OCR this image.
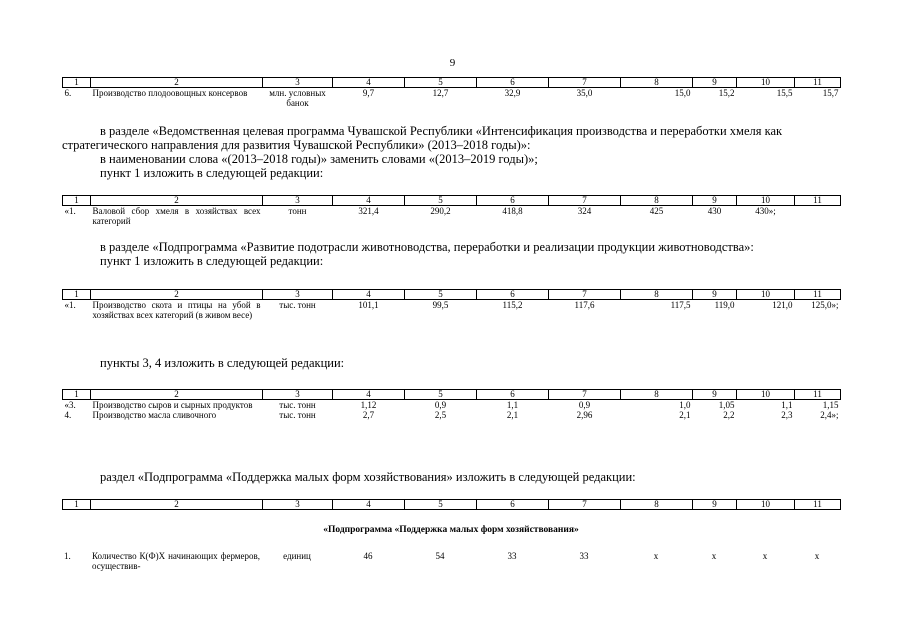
9
1	2	3	4	5	6	7	8	9	10	11
6.	Производство плодоовощных консервов	млн. условных банок	9,7	12,7	32,9	35,0	15,0	15,2	15,5	15,7
в разделе «Ведомственная целевая программа Чувашской Республики «Интенсификация производства и переработки хмеля как стратегического направления для развития Чувашской Республики» (2013–2018 годы)»:
в наименовании слова «(2013–2018 годы)» заменить словами «(2013–2019 годы)»;
пункт 1 изложить в следующей редакции:
1	2	3	4	5	6	7	8	9	10	11
«1.	Валовой сбор хмеля в хозяйствах всех категорий	тонн	321,4	290,2	418,8	324	425	430	430»;	
в разделе «Подпрограмма «Развитие подотрасли животноводства, переработки и реализации продукции животноводства»:
пункт 1 изложить в следующей редакции:
1	2	3	4	5	6	7	8	9	10	11
«1.	Производство скота и птицы на убой в хозяйствах всех категорий (в живом весе)	тыс. тонн	101,1	99,5	115,2	117,6	117,5	119,0	121,0	125,0»;
пункты 3, 4 изложить в следующей редакции:
1	2	3	4	5	6	7	8	9	10	11
«3.	Производство сыров и сырных продуктов	тыс. тонн	1,12	0,9	1,1	0,9	1,0	1,05	1,1	1,15
4.	Производство масла сливочного	тыс. тонн	2,7	2,5	2,1	2,96	2,1	2,2	2,3	2,4»;
раздел «Подпрограмма «Поддержка малых форм хозяйствования» изложить в следующей редакции:
1	2	3	4	5	6	7	8	9	10	11
«Подпрограмма «Поддержка малых форм хозяйствования»
1.	Количество К(Ф)Х начинающих фермеров, осуществив-	единиц	46	54	33	33	x	x	x	x
